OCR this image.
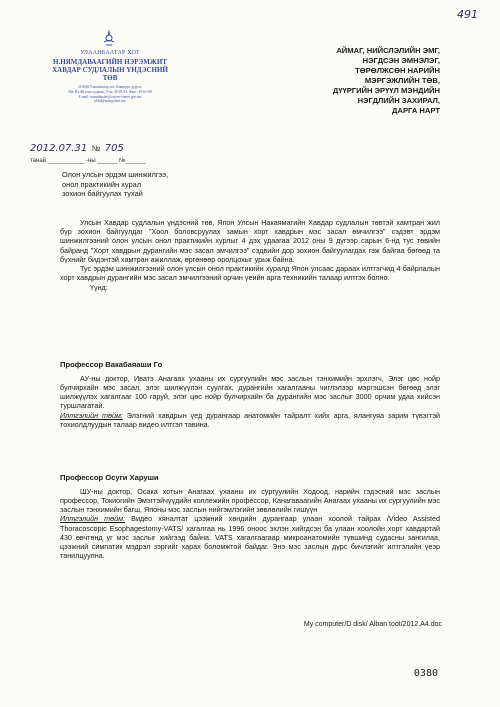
491
УЛААНБААТАР ХОТ
Н.НЯМДАВААГИЙН НЭРЭМЖИТ
ХАВДАР СУДЛАЛЫН ҮНДЭСНИЙ
ТӨВ
210648 Улаанбаатар хот, Баянзүрх дүүрэг,
Нэг Их Жуулах гудамж, Утас 45-03-43, Факс: 45-61-89
E-mail: tumurbaatar@cancer-center.gov.mn
nhhd@mongolnet.mn
АЙМАГ, НИЙСЛЭЛИЙН ЭМГ,
НЭГДСЭН ЭМНЭЛЭГ,
ТӨРӨЛЖСӨН НАРИЙН
МЭРГЭЖЛИЙН ТӨВ,
ДҮҮРГИЙН ЭРҮҮЛ МЭНДИЙН
НЭГДЛИЙН ЗАХИРАЛ,
ДАРГА НАРТ
2012.07.31  №  705
танай ___________ -ны ______ №______
Олон улсын эрдэм шинжилгээ,
онол практикийн хурал
зохион байгуулах тухай

Улсын Хавдар судлалын үндэсний төв, Япон Улсын Накаямагийн Хавдар судлалын төвтэй хамтран жил бүр зохион байгуулдаг "Хоол боловсруулах замын хорт хавдрын мэс засал өмчилгээ" сэдэвт эрдэм шинжилгээний олон улсын онол практикийн хурлыг 4 дэх удаагаа 2012 оны 9 дүгээр сарын 6-нд тус төвийн байранд "Хорт хавдрын дурангийн мэс засал эмчилгээ" сэдвийн дор зохион байгуулагдах гэж байгаа бөгөөд та бүхнийг бидэнтэй хамтран ажиллаж, өргөнөөр оролцохыг урьж байна.

Тус эрдэм шинжилгээний олон улсын онол практикийн хуралд Япон улсаас дараах илтгэгчид 4 байрлалын хорт хавдрын дурангийн мэс засал эмчилгээний орчин үеийн арга техникийн талаар илтгэх болно.

Үүнд:

Профессор Вакабаяаши Го

АУ-ны доктор, Иватэ Анагаах ухааны их сургуулийн мэс заслын тэнхимийн эрхлэгч, Элэг цөс нойр булчирхайн мэс засал, элэг шилжүүлэн суулгах, дурангийн хагалгааны чиглэлээр мэргэшсэн бөгөөд элэг шилжүүлэх хагалгааг 100 гаруй, элэг цөс нойр булчирхайн ба дурангийн мэс заслыг 3000 орчим удаа хийсэн туршлагатай.

Илтгэлийн төйм: Элэгний хавдрын үед дурангаар анатомийн тайралт хийх арга, ялангуяа зарим түвэгтэй тохиолдлуудын талаар видео илтгэл тавина.

Профессор Осуги Харуши

ШУ-ны доктор, Осака хотын Анагаах ухааны их сургуулийн Ходоод, нарийн гэдэсний мэс заслын профессор, Токиогийн Эмэгтэйчүүдийн коллежийн профессор, Канагаваагийн Анагаах ухааны их сургуулийн мэс заслын тэнхимийн багш, Японы мэс заслын нийгэмлэгийн зөвлөлийн гишүүн

Илтгэлийн төйм: Видео хяналтат цээжний хөндийн дурангаар улаан хоолой тайрах /Video Assisted Thoracoscopic Esophagestomy-VATS/ хагалгаа нь 1996 оноос эхлэн хийгдсэн ба улаан хоолойн хорт хавдартай 430 өвчтөнд уг мэс заслыг хийгээд байна. VATS хагалгаагаар микроанатомийн түвшинд судасны зангилаа, цээжний симпатик мэдрэл зэргийг харах боломжтой байдаг. Энэ мэс заслын дүрс бичлэгийг илтгэлийн үеэр танилцуулна.

My computer/D disk/ Alban toot/2012.A4.doc
0380
